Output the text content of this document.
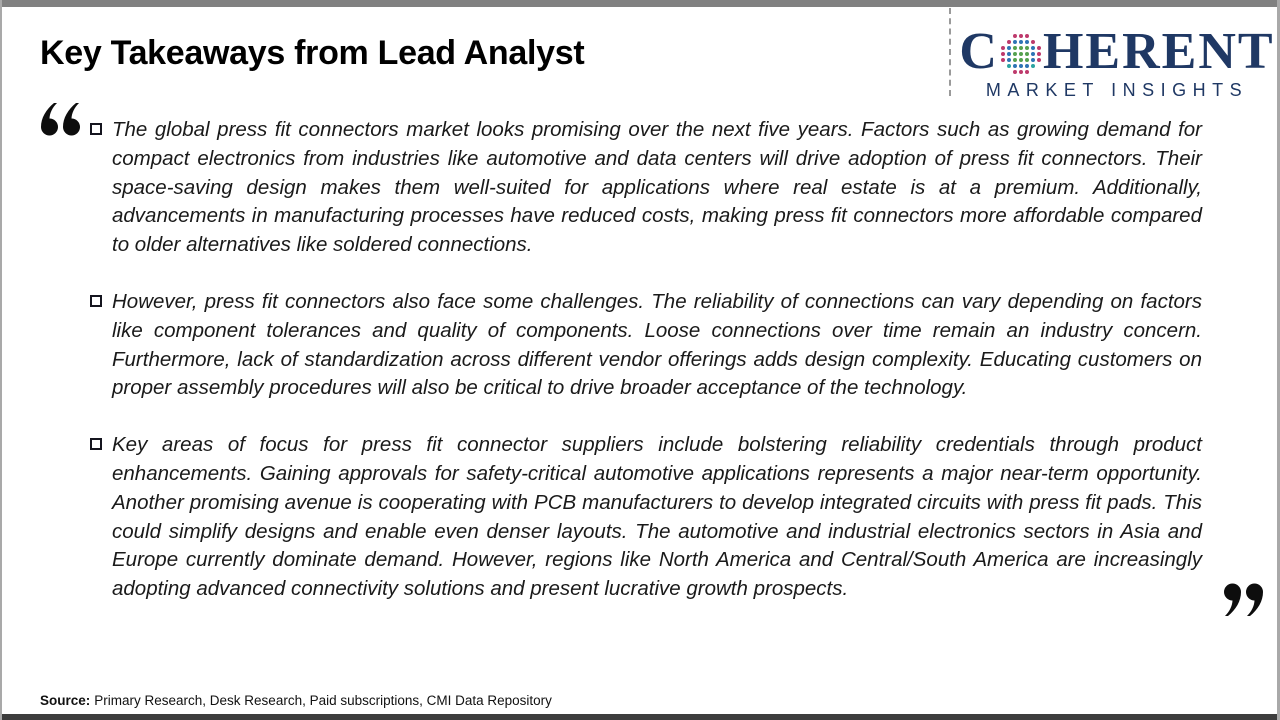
Key Takeaways from Lead Analyst	C HERENT
MARKET INSIGHTS
The global press fit connectors market looks promising over the next five years. Factors such as growing demand for compact electronics from industries like automotive and data centers will drive adoption of press fit connectors. Their space-saving design makes them well-suited for applications where real estate is at a premium. Additionally, advancements in manufacturing processes have reduced costs, making press fit connectors more affordable compared to older alternatives like soldered connections.
However, press fit connectors also face some challenges. The reliability of connections can vary depending on factors like component tolerances and quality of components. Loose connections over time remain an industry concern. Furthermore, lack of standardization across different vendor offerings adds design complexity. Educating customers on proper assembly procedures will also be critical to drive broader acceptance of the technology.
Key areas of focus for press fit connector suppliers include bolstering reliability credentials through product enhancements. Gaining approvals for safety-critical automotive applications represents a major near-term opportunity. Another promising avenue is cooperating with PCB manufacturers to develop integrated circuits with press fit pads. This could simplify designs and enable even denser layouts. The automotive and industrial electronics sectors in Asia and Europe currently dominate demand. However, regions like North America and Central/South America are increasingly adopting advanced connectivity solutions and present lucrative growth prospects.
Source: Primary Research, Desk Research, Paid subscriptions, CMI Data Repository
